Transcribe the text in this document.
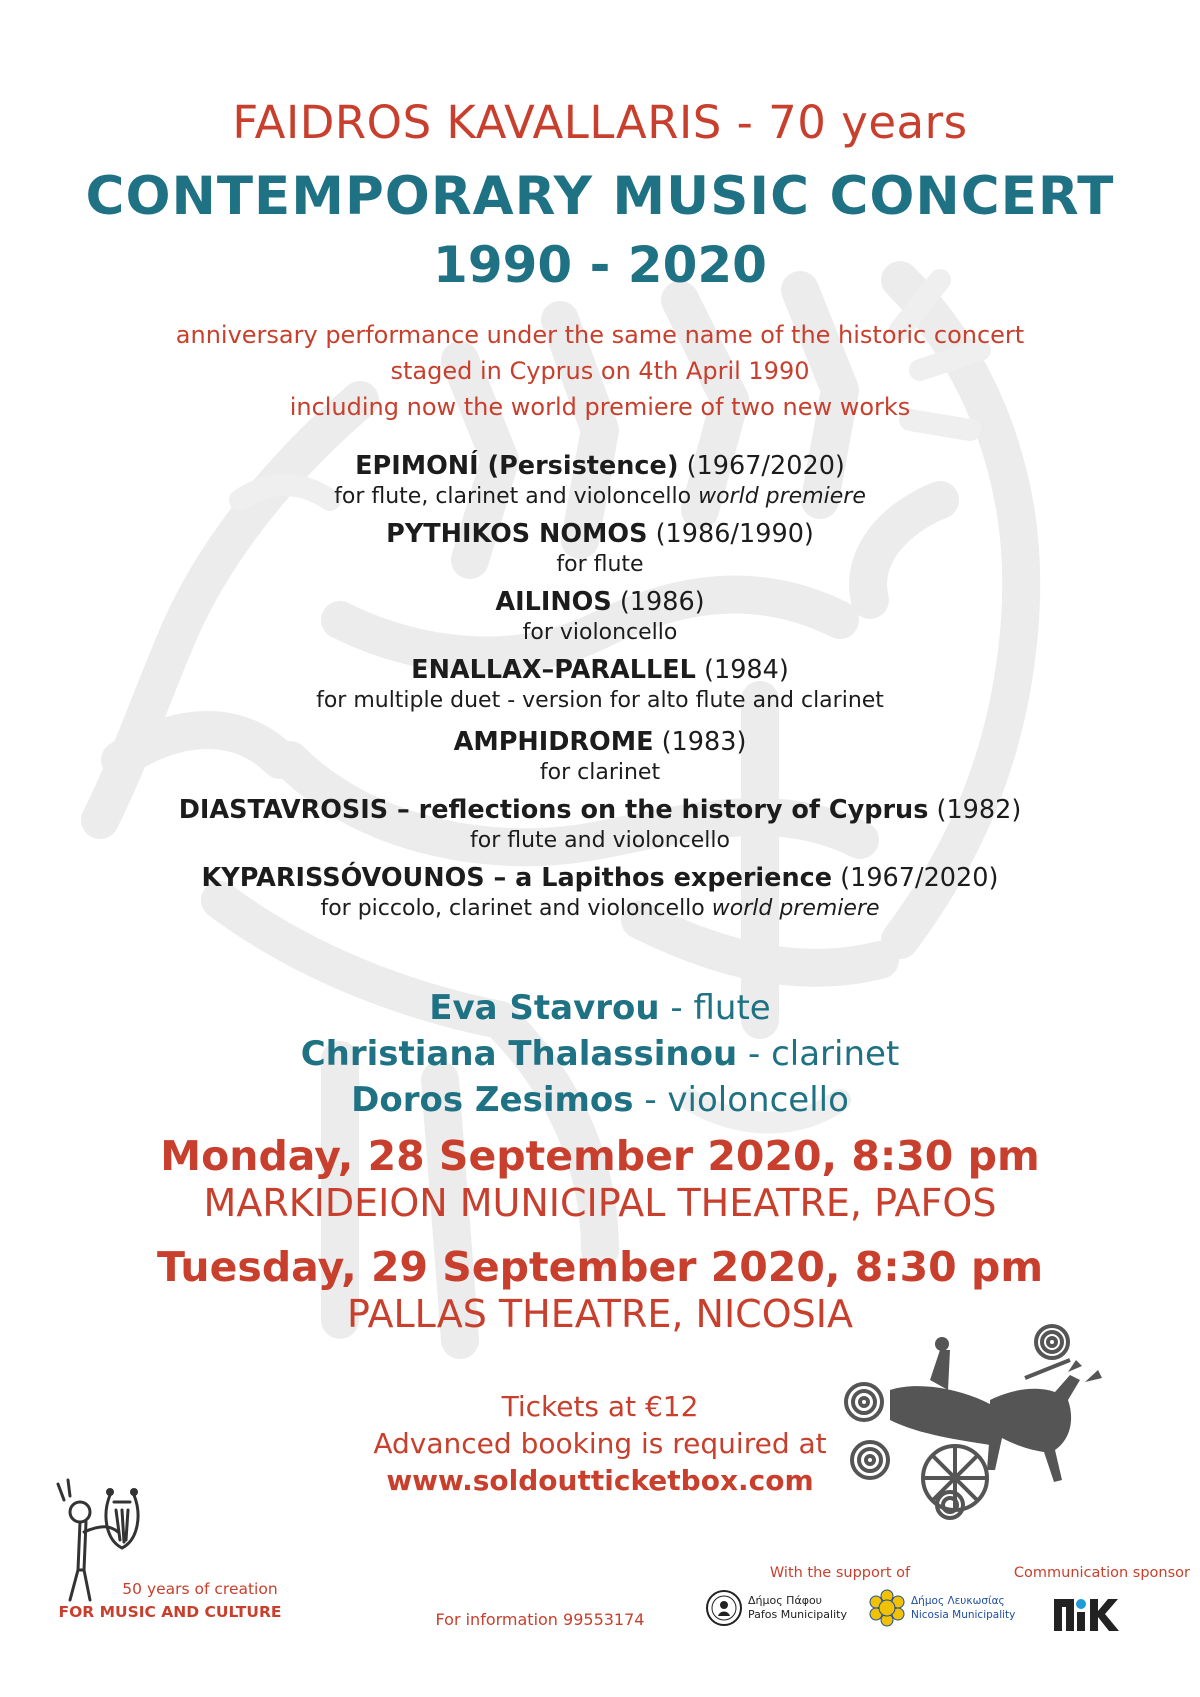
FAIDROS KAVALLARIS - 70 years
CONTEMPORARY MUSIC CONCERT
1990 - 2020
anniversary performance under the same name of the historic concert
staged in Cyprus on 4th April 1990
including now the world premiere of two new works
EPIMONÍ (Persistence) (1967/2020)
for flute, clarinet and violoncello world premiere
PYTHIKOS NOMOS (1986/1990)
for flute
AILINOS (1986)
for violoncello
ENALLAX–PARALLEL (1984)
for multiple duet - version for alto flute and clarinet
AMPHIDROME (1983)
for clarinet
DIASTAVROSIS – reflections on the history of Cyprus (1982)
for flute and violoncello
KYPARISSÓVOUNOS – a Lapithos experience (1967/2020)
for piccolo, clarinet and violoncello world premiere
Eva Stavrou - flute
Christiana Thalassinou - clarinet
Doros Zesimos - violoncello
Monday, 28 September 2020, 8:30 pm
MARKIDEION MUNICIPAL THEATRE, PAFOS
Tuesday, 29 September 2020, 8:30 pm
PALLAS THEATRE, NICOSIA
Tickets at €12
Advanced booking is required at
www.soldoutticketbox.com
50 years of creation
FOR MUSIC AND CULTURE	For information 99553174
With the support of	Communication sponsor
Δήμος Πάφου
Pafos Municipality
Δήμος Λευκωσίας
Nicosia Municipality
